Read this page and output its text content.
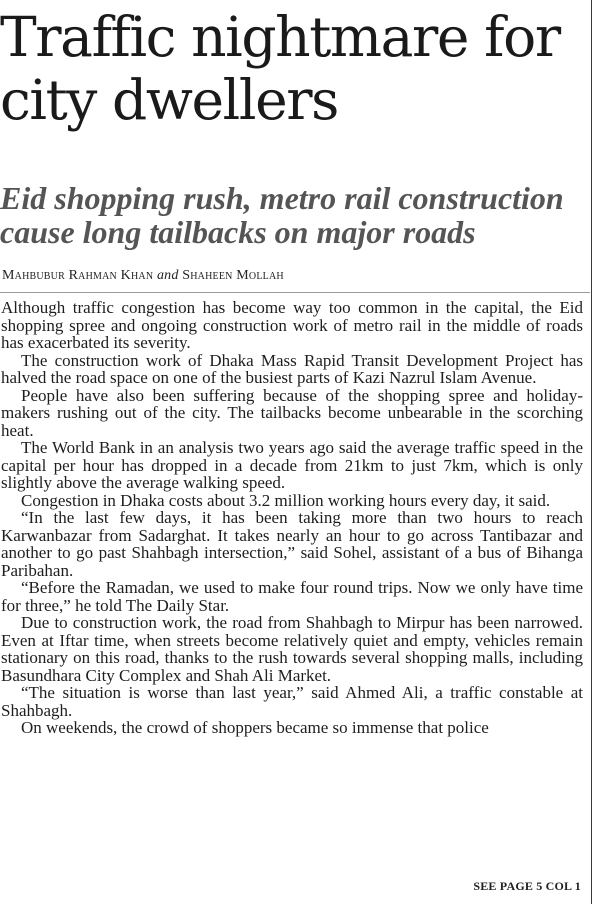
Traffic nightmare for city dwellers
Eid shopping rush, metro rail construction cause long tailbacks on major roads
Mahbubur Rahman Khan and Shaheen Mollah

Although traffic congestion has become way too common in the capital, the Eid shopping spree and ongoing construction work of metro rail in the middle of roads has exacerbated its severity.

The construction work of Dhaka Mass Rapid Transit Development Project has halved the road space on one of the busiest parts of Kazi Nazrul Islam Avenue.

People have also been suffering because of the shopping spree and holiday-makers rushing out of the city. The tailbacks become unbearable in the scorching heat.

The World Bank in an analysis two years ago said the average traffic speed in the capital per hour has dropped in a decade from 21km to just 7km, which is only slightly above the average walking speed.

Congestion in Dhaka costs about 3.2 million working hours every day, it said.

“In the last few days, it has been taking more than two hours to reach Karwanbazar from Sadarghat. It takes nearly an hour to go across Tantibazar and another to go past Shahbagh intersection,” said Sohel, assistant of a bus of Bihanga Paribahan.

“Before the Ramadan, we used to make four round trips. Now we only have time for three,” he told The Daily Star.

Due to construction work, the road from Shahbagh to Mirpur has been narrowed. Even at Iftar time, when streets become relatively quiet and empty, vehicles remain stationary on this road, thanks to the rush towards several shopping malls, including Basundhara City Complex and Shah Ali Market.

“The situation is worse than last year,” said Ahmed Ali, a traffic constable at Shahbagh.

On weekends, the crowd of shoppers became so immense that police

SEE PAGE 5 COL 1
